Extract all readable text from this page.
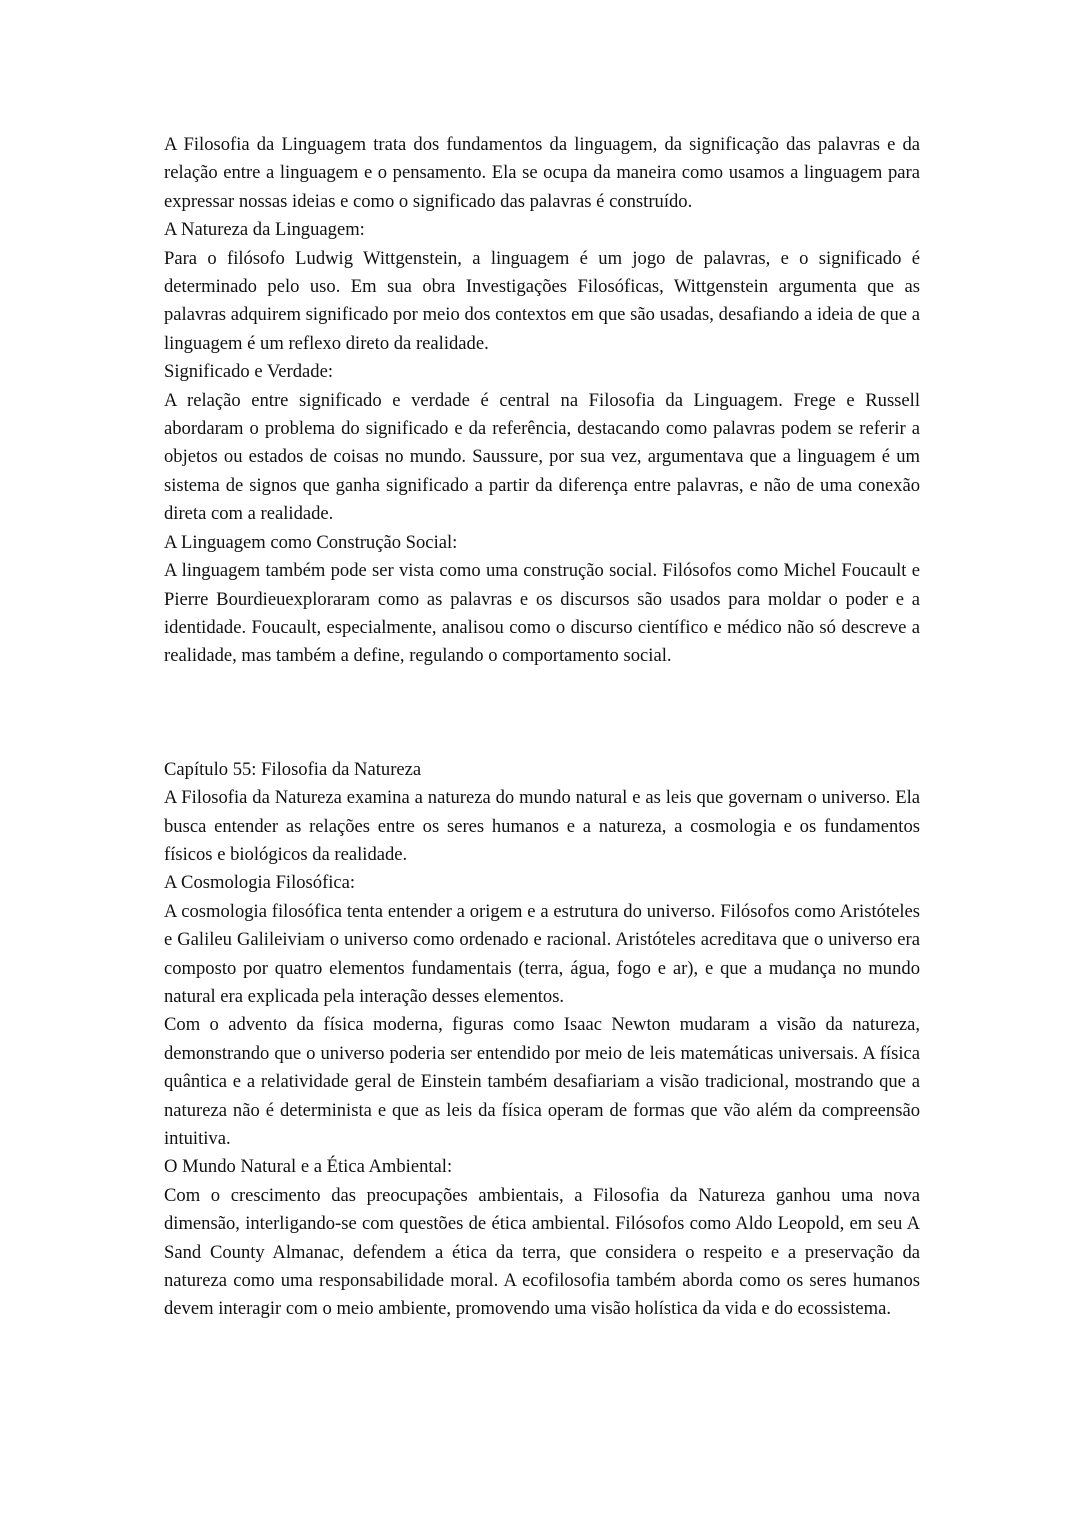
A Filosofia da Linguagem trata dos fundamentos da linguagem, da significação das palavras e da relação entre a linguagem e o pensamento. Ela se ocupa da maneira como usamos a linguagem para expressar nossas ideias e como o significado das palavras é construído.

A Natureza da Linguagem:

Para o filósofo Ludwig Wittgenstein, a linguagem é um jogo de palavras, e o significado é determinado pelo uso. Em sua obra Investigações Filosóficas, Wittgenstein argumenta que as palavras adquirem significado por meio dos contextos em que são usadas, desafiando a ideia de que a linguagem é um reflexo direto da realidade.

Significado e Verdade:

A relação entre significado e verdade é central na Filosofia da Linguagem. Frege e Russell abordaram o problema do significado e da referência, destacando como palavras podem se referir a objetos ou estados de coisas no mundo. Saussure, por sua vez, argumentava que a linguagem é um sistema de signos que ganha significado a partir da diferença entre palavras, e não de uma conexão direta com a realidade.

A Linguagem como Construção Social:

A linguagem também pode ser vista como uma construção social. Filósofos como Michel Foucault e Pierre Bourdieuexploraram como as palavras e os discursos são usados para moldar o poder e a identidade. Foucault, especialmente, analisou como o discurso científico e médico não só descreve a realidade, mas também a define, regulando o comportamento social.

Capítulo 55: Filosofia da Natureza

A Filosofia da Natureza examina a natureza do mundo natural e as leis que governam o universo. Ela busca entender as relações entre os seres humanos e a natureza, a cosmologia e os fundamentos físicos e biológicos da realidade.

A Cosmologia Filosófica:

A cosmologia filosófica tenta entender a origem e a estrutura do universo. Filósofos como Aristóteles e Galileu Galileiviam o universo como ordenado e racional. Aristóteles acreditava que o universo era composto por quatro elementos fundamentais (terra, água, fogo e ar), e que a mudança no mundo natural era explicada pela interação desses elementos.

Com o advento da física moderna, figuras como Isaac Newton mudaram a visão da natureza, demonstrando que o universo poderia ser entendido por meio de leis matemáticas universais. A física quântica e a relatividade geral de Einstein também desafiariam a visão tradicional, mostrando que a natureza não é determinista e que as leis da física operam de formas que vão além da compreensão intuitiva.

O Mundo Natural e a Ética Ambiental:

Com o crescimento das preocupações ambientais, a Filosofia da Natureza ganhou uma nova dimensão, interligando-se com questões de ética ambiental. Filósofos como Aldo Leopold, em seu A Sand County Almanac, defendem a ética da terra, que considera o respeito e a preservação da natureza como uma responsabilidade moral. A ecofilosofia também aborda como os seres humanos devem interagir com o meio ambiente, promovendo uma visão holística da vida e do ecossistema.
